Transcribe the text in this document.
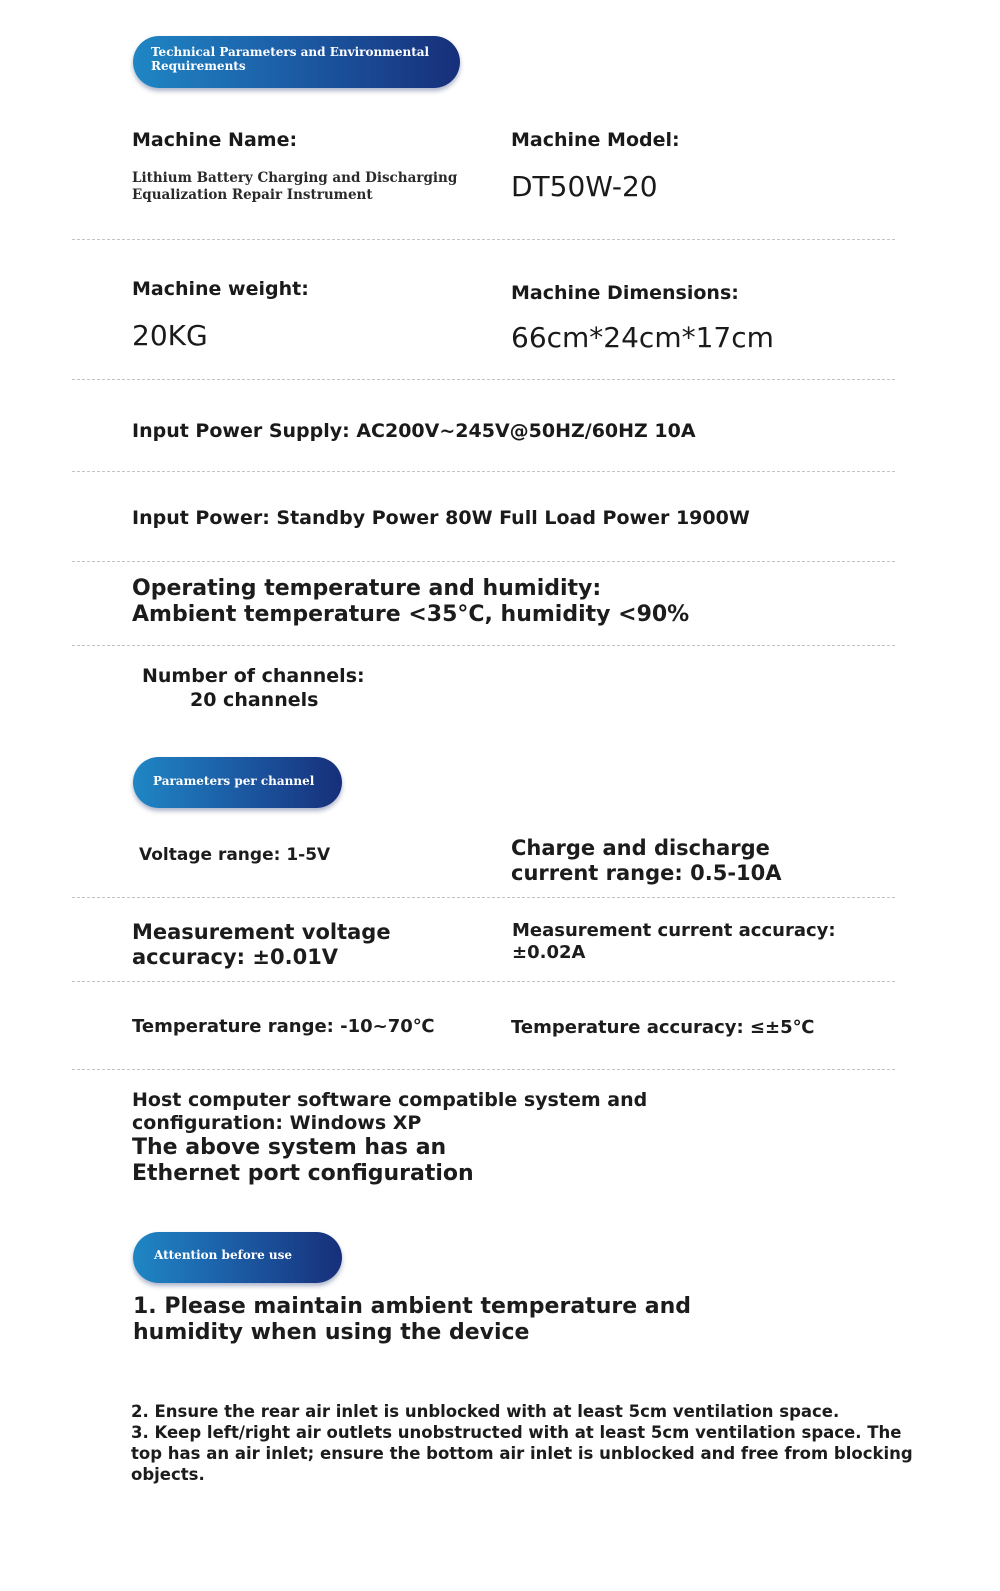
Technical Parameters and Environmental Requirements
Machine Name:
Lithium Battery Charging and Discharging Equalization Repair Instrument
Machine Model:
DT50W-20
Machine weight:
20KG
Machine Dimensions:
66cm*24cm*17cm
Input Power Supply: AC200V~245V@50HZ/60HZ 10A
Input Power: Standby Power 80W Full Load Power 1900W
Operating temperature and humidity:
Ambient temperature <35°C, humidity <90%
Number of channels:
20 channels
Parameters per channel
Voltage range: 1-5V	Charge and discharge
current range: 0.5-10A
Measurement voltage
accuracy: ±0.01V
Measurement current accuracy:
±0.02A
Temperature range: -10~70℃	Temperature accuracy: ≤±5℃
Host computer software compatible system and
configuration: Windows XP
The above system has an
Ethernet port configuration
Attention before use
1. Please maintain ambient temperature and
humidity when using the device
2. Ensure the rear air inlet is unblocked with at least 5cm ventilation space.
3. Keep left/right air outlets unobstructed with at least 5cm ventilation space. The top has an air inlet; ensure the bottom air inlet is unblocked and free from blocking objects.
